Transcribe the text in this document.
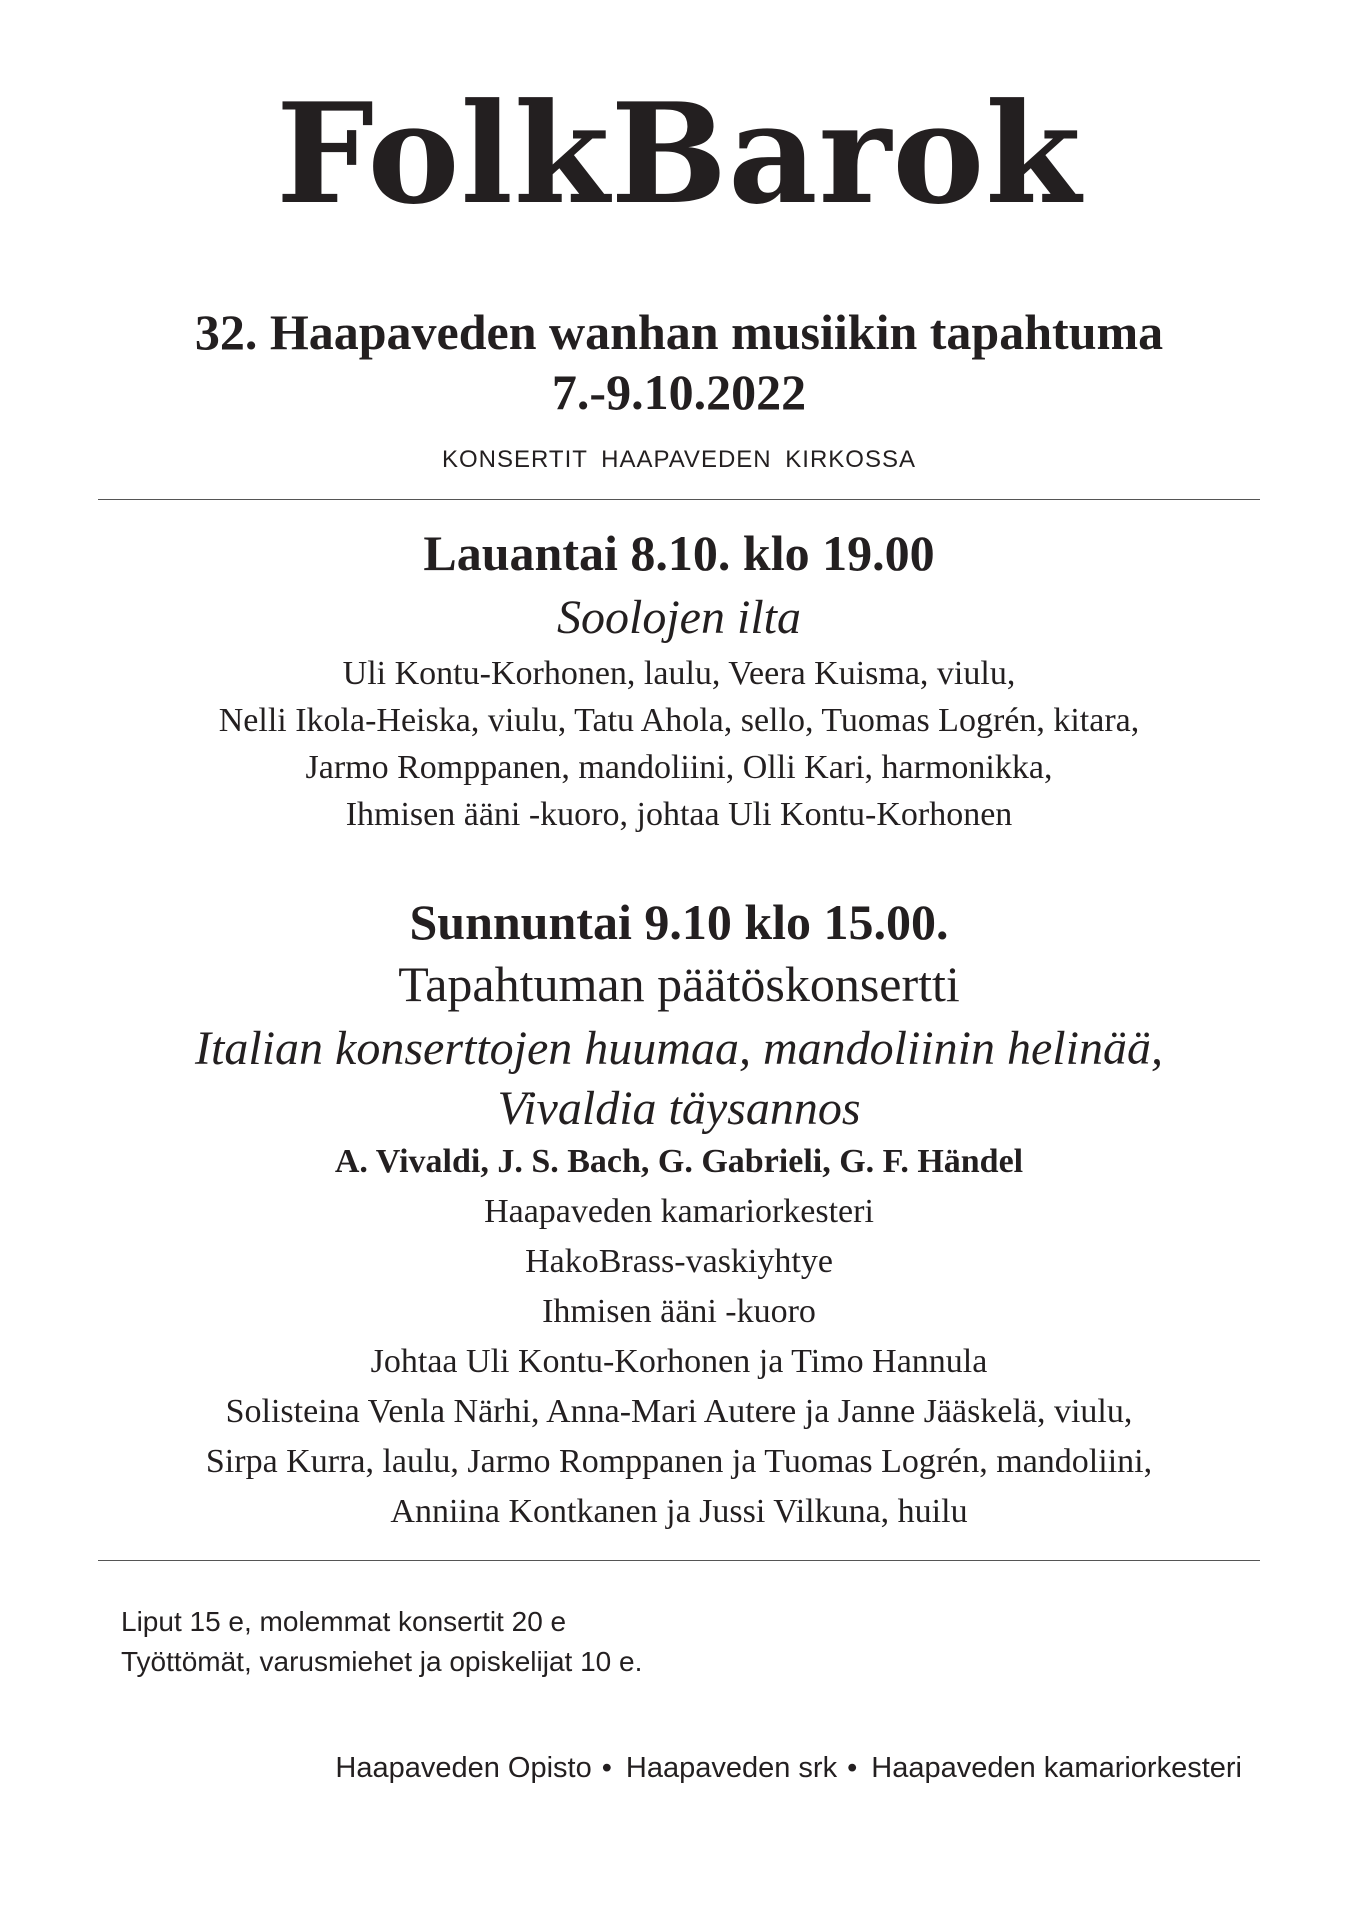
FolkBarok

32. Haapaveden wanhan musiikin tapahtuma

7.-9.10.2022

KONSERTIT HAAPAVEDEN KIRKOSSA

Lauantai 8.10. klo 19.00

Soolojen ilta

Uli Kontu-Korhonen, laulu, Veera Kuisma, viulu,

Nelli Ikola-Heiska, viulu, Tatu Ahola, sello, Tuomas Logrén, kitara,

Jarmo Romppanen, mandoliini, Olli Kari, harmonikka,

Ihmisen ääni -kuoro, johtaa Uli Kontu-Korhonen

Sunnuntai 9.10 klo 15.00.

Tapahtuman päätöskonsertti

Italian konserttojen huumaa, mandoliinin helinää,

Vivaldia täysannos

A. Vivaldi, J. S. Bach, G. Gabrieli, G. F. Händel

Haapaveden kamariorkesteri

HakoBrass-vaskiyhtye

Ihmisen ääni -kuoro

Johtaa Uli Kontu-Korhonen ja Timo Hannula

Solisteina Venla Närhi, Anna-Mari Autere ja Janne Jääskelä, viulu,

Sirpa Kurra, laulu, Jarmo Romppanen ja Tuomas Logrén, mandoliini,

Anniina Kontkanen ja Jussi Vilkuna, huilu

Liput 15 e, molemmat konsertit 20 e

Työttömät, varusmiehet ja opiskelijat 10 e.

Haapaveden Opisto • Haapaveden srk • Haapaveden kamariorkesteri
